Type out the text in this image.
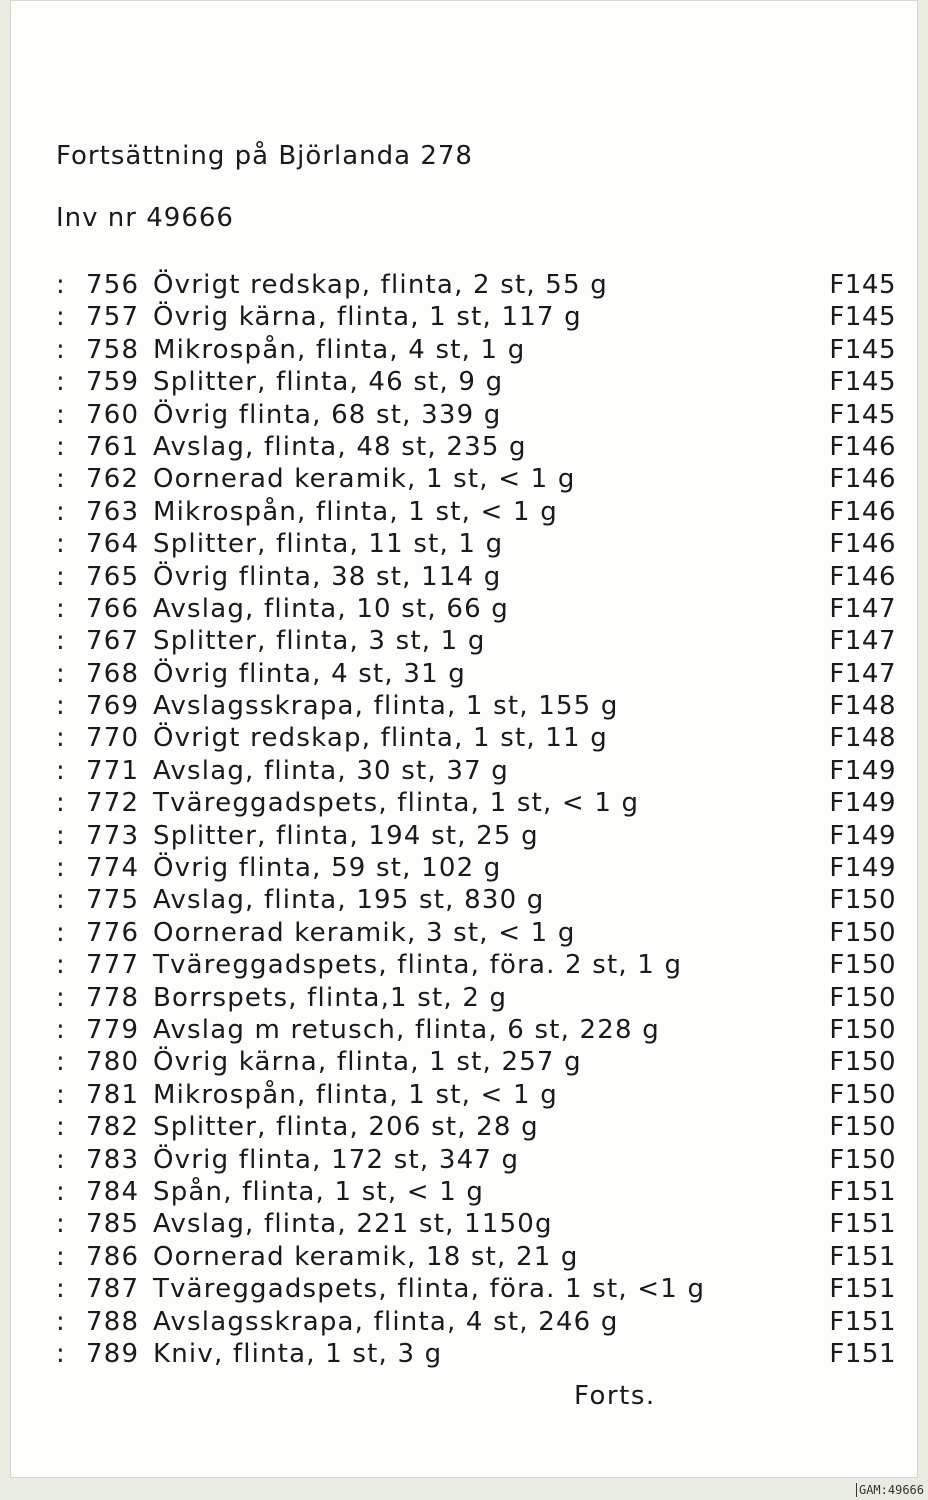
Fortsättning på Björlanda 278
Inv nr 49666
: 756 Övrigt redskap, flinta, 2 st, 55 g	F145
: 757 Övrig kärna, flinta, 1 st, 117 g	F145
: 758 Mikrospån, flinta, 4 st, 1 g	F145
: 759 Splitter, flinta, 46 st, 9 g	F145
: 760 Övrig flinta, 68 st, 339 g	F145
: 761 Avslag, flinta, 48 st, 235 g	F146
: 762 Oornerad keramik, 1 st, < 1 g	F146
: 763 Mikrospån, flinta, 1 st, < 1 g	F146
: 764 Splitter, flinta, 11 st, 1 g	F146
: 765 Övrig flinta, 38 st, 114 g	F146
: 766 Avslag, flinta, 10 st, 66 g	F147
: 767 Splitter, flinta, 3 st, 1 g	F147
: 768 Övrig flinta, 4 st, 31 g	F147
: 769 Avslagsskrapa, flinta, 1 st, 155 g	F148
: 770 Övrigt redskap, flinta, 1 st, 11 g	F148
: 771 Avslag, flinta, 30 st, 37 g	F149
: 772 Tväreggadspets, flinta, 1 st, < 1 g	F149
: 773 Splitter, flinta, 194 st, 25 g	F149
: 774 Övrig flinta, 59 st, 102 g	F149
: 775 Avslag, flinta, 195 st, 830 g	F150
: 776 Oornerad keramik, 3 st, < 1 g	F150
: 777 Tväreggadspets, flinta, föra. 2 st, 1 g	F150
: 778 Borrspets, flinta,1 st, 2 g	F150
: 779 Avslag m retusch, flinta, 6 st, 228 g	F150
: 780 Övrig kärna, flinta, 1 st, 257 g	F150
: 781 Mikrospån, flinta, 1 st, < 1 g	F150
: 782 Splitter, flinta, 206 st, 28 g	F150
: 783 Övrig flinta, 172 st, 347 g	F150
: 784 Spån, flinta, 1 st, < 1 g	F151
: 785 Avslag, flinta, 221 st, 1150g	F151
: 786 Oornerad keramik, 18 st, 21 g	F151
: 787 Tväreggadspets, flinta, föra. 1 st, <1 g	F151
: 788 Avslagsskrapa, flinta, 4 st, 246 g	F151
: 789 Kniv, flinta, 1 st, 3 g	F151
Forts.
GAM:49666
